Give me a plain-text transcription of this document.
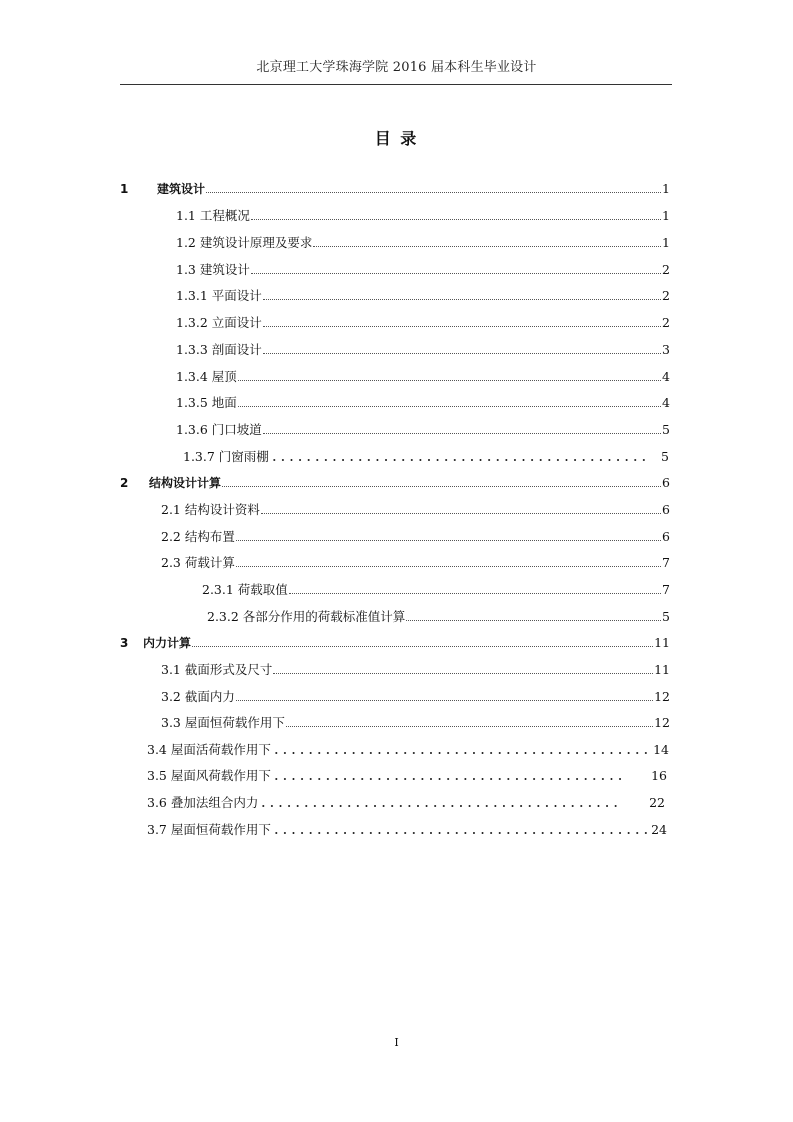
北京理工大学珠海学院 2016 届本科生毕业设计
目 录
1	建筑设计	1
1.1 工程概况	1
1.2 建筑设计原理及要求	1
1.3 建筑设计	2
1.3.1 平面设计	2
1.3.2 立面设计	2
1.3.3 剖面设计	3
1.3.4 屋顶	4
1.3.5 地面	4
1.3.6 门口坡道	5
1.3.7 门窗雨棚	5
2	结构设计计算	6
2.1 结构设计资料	6
2.2 结构布置	6
2.3 荷载计算	7
2.3.1 荷载取值	7
2.3.2 各部分作用的荷载标准值计算	5
3	内力计算	11
3.1 截面形式及尺寸	11
3.2 截面内力	12
3.3 屋面恒荷载作用下	12
3.4 屋面活荷载作用下	14
3.5 屋面风荷载作用下	16
3.6 叠加法组合内力	22
3.7 屋面恒荷载作用下	24
I
